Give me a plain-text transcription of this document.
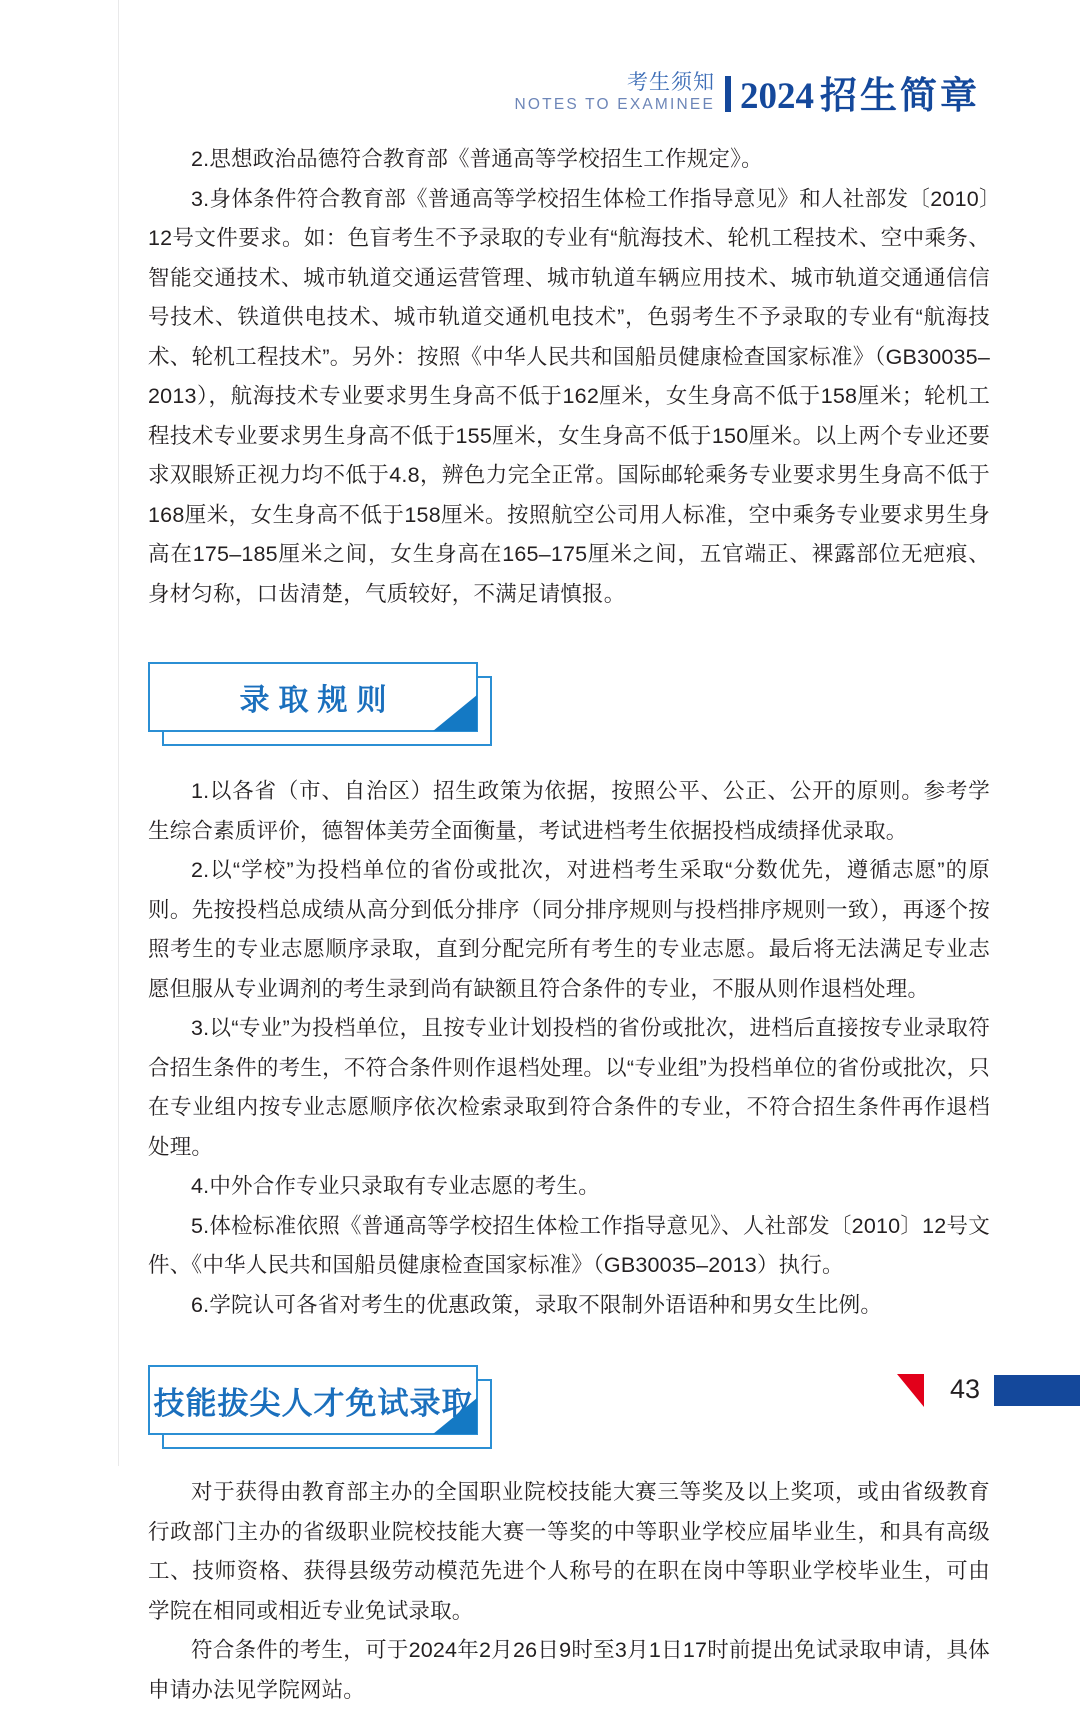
考生须知
NOTES TO EXAMINEE 2024 招生简章

2.思想政治品德符合教育部《普通高等学校招生工作规定》。

3.身体条件符合教育部《普通高等学校招生体检工作指导意见》和人社部发〔2010〕12号文件要求。如：色盲考生不予录取的专业有“航海技术、轮机工程技术、空中乘务、智能交通技术、城市轨道交通运营管理、城市轨道车辆应用技术、城市轨道交通通信信号技术、铁道供电技术、城市轨道交通机电技术”，色弱考生不予录取的专业有“航海技术、轮机工程技术”。另外：按照《中华人民共和国船员健康检查国家标准》（GB30035–2013），航海技术专业要求男生身高不低于162厘米，女生身高不低于158厘米；轮机工程技术专业要求男生身高不低于155厘米，女生身高不低于150厘米。以上两个专业还要求双眼矫正视力均不低于4.8，辨色力完全正常。国际邮轮乘务专业要求男生身高不低于168厘米，女生身高不低于158厘米。按照航空公司用人标准，空中乘务专业要求男生身高在175–185厘米之间，女生身高在165–175厘米之间，五官端正、裸露部位无疤痕、身材匀称，口齿清楚，气质较好，不满足请慎报。

录取规则

1.以各省（市、自治区）招生政策为依据，按照公平、公正、公开的原则。参考学生综合素质评价，德智体美劳全面衡量，考试进档考生依据投档成绩择优录取。

2.以“学校”为投档单位的省份或批次，对进档考生采取“分数优先，遵循志愿”的原则。先按投档总成绩从高分到低分排序（同分排序规则与投档排序规则一致），再逐个按照考生的专业志愿顺序录取，直到分配完所有考生的专业志愿。最后将无法满足专业志愿但服从专业调剂的考生录到尚有缺额且符合条件的专业，不服从则作退档处理。

3.以“专业”为投档单位，且按专业计划投档的省份或批次，进档后直接按专业录取符合招生条件的考生，不符合条件则作退档处理。以“专业组”为投档单位的省份或批次，只在专业组内按专业志愿顺序依次检索录取到符合条件的专业，不符合招生条件再作退档处理。

4.中外合作专业只录取有专业志愿的考生。

5.体检标准依照《普通高等学校招生体检工作指导意见》、人社部发〔2010〕12号文件、《中华人民共和国船员健康检查国家标准》（GB30035–2013）执行。

6.学院认可各省对考生的优惠政策，录取不限制外语语种和男女生比例。

技能拔尖人才免试录取

对于获得由教育部主办的全国职业院校技能大赛三等奖及以上奖项，或由省级教育行政部门主办的省级职业院校技能大赛一等奖的中等职业学校应届毕业生，和具有高级工、技师资格、获得县级劳动模范先进个人称号的在职在岗中等职业学校毕业生，可由学院在相同或相近专业免试录取。

符合条件的考生，可于2024年2月26日9时至3月1日17时前提出免试录取申请，具体申请办法见学院网站。

43
